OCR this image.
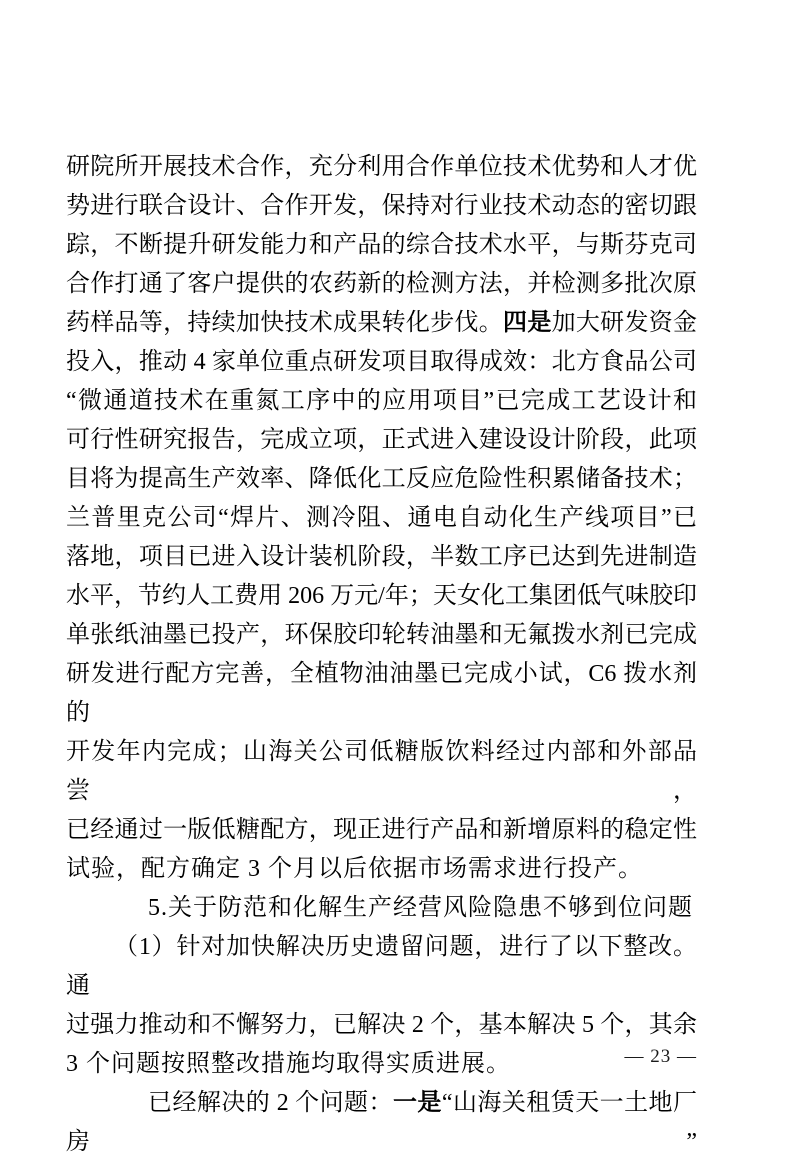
研院所开展技术合作，充分利用合作单位技术优势和人才优
势进行联合设计、合作开发，保持对行业技术动态的密切跟
踪，不断提升研发能力和产品的综合技术水平，与斯芬克司
合作打通了客户提供的农药新的检测方法，并检测多批次原
药样品等，持续加快技术成果转化步伐。四是加大研发资金
投入，推动 4 家单位重点研发项目取得成效：北方食品公司
“微通道技术在重氮工序中的应用项目”已完成工艺设计和
可行性研究报告，完成立项，正式进入建设设计阶段，此项
目将为提高生产效率、降低化工反应危险性积累储备技术；
兰普里克公司“焊片、测冷阻、通电自动化生产线项目”已
落地，项目已进入设计装机阶段，半数工序已达到先进制造
水平，节约人工费用 206 万元/年；天女化工集团低气味胶印
单张纸油墨已投产，环保胶印轮转油墨和无氟拨水剂已完成
研发进行配方完善，全植物油油墨已完成小试，C6 拨水剂的
开发年内完成；山海关公司低糖版饮料经过内部和外部品尝，
已经通过一版低糖配方，现正进行产品和新增原料的稳定性
试验，配方确定 3 个月以后依据市场需求进行投产。
5.关于防范和化解生产经营风险隐患不够到位问题
（1）针对加快解决历史遗留问题，进行了以下整改。通
过强力推动和不懈努力，已解决 2 个，基本解决 5 个，其余
3 个问题按照整改措施均取得实质进展。
已经解决的 2 个问题：一是“山海关租赁天一土地厂房”
— 23 —
